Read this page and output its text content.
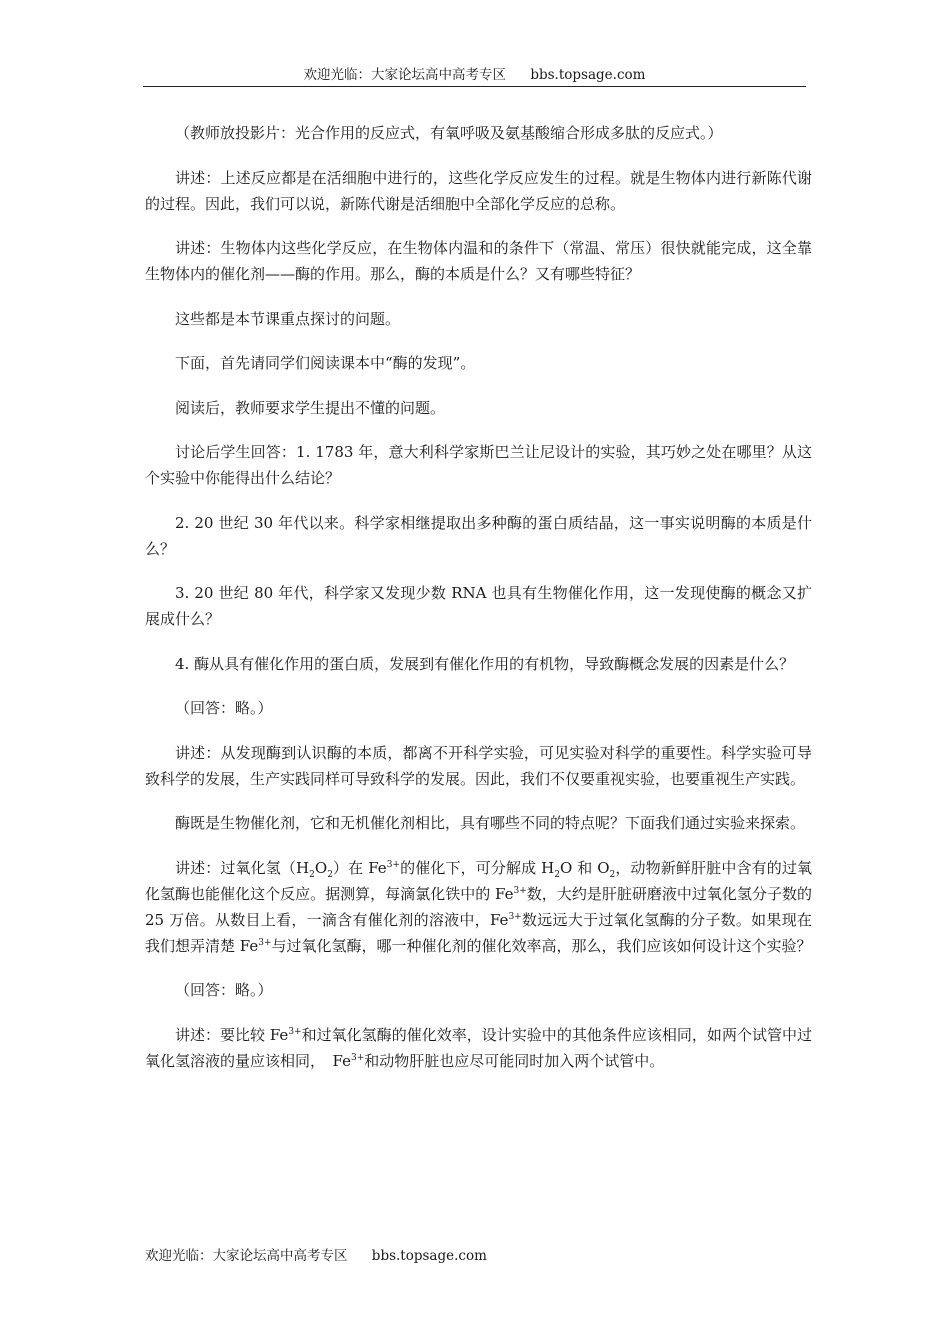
欢迎光临：大家论坛高中高考专区 bbs.topsage.com

（教师放投影片：光合作用的反应式，有氧呼吸及氨基酸缩合形成多肽的反应式。）

讲述：上述反应都是在活细胞中进行的，这些化学反应发生的过程。就是生物体内进行新陈代谢的过程。因此，我们可以说，新陈代谢是活细胞中全部化学反应的总称。

讲述：生物体内这些化学反应，在生物体内温和的条件下（常温、常压）很快就能完成，这全靠生物体内的催化剂——酶的作用。那么，酶的本质是什么？又有哪些特征？

这些都是本节课重点探讨的问题。

下面，首先请同学们阅读课本中“酶的发现”。

阅读后，教师要求学生提出不懂的问题。

讨论后学生回答：1. 1783 年，意大利科学家斯巴兰让尼设计的实验，其巧妙之处在哪里？从这个实验中你能得出什么结论？

2. 20 世纪 30 年代以来。科学家相继提取出多种酶的蛋白质结晶，这一事实说明酶的本质是什么？

3. 20 世纪 80 年代，科学家又发现少数 RNA 也具有生物催化作用，这一发现使酶的概念又扩展成什么？

4. 酶从具有催化作用的蛋白质，发展到有催化作用的有机物，导致酶概念发展的因素是什么？

（回答：略。）

讲述：从发现酶到认识酶的本质，都离不开科学实验，可见实验对科学的重要性。科学实验可导致科学的发展，生产实践同样可导致科学的发展。因此，我们不仅要重视实验，也要重视生产实践。

酶既是生物催化剂，它和无机催化剂相比，具有哪些不同的特点呢？下面我们通过实验来探索。

讲述：过氧化氢$(H_2O_2)$在 $Fe^{3+}$的催化下，可分解成 $H_2O$ 和 $O_2$，动物新鲜肝脏中含有的过氧化氢酶也能催化这个反应。据测算，每滴氯化铁中的 $Fe^{3+}$数，大约是肝脏研磨液中过氧化氢分子数的 25 万倍。从数目上看，一滴含有催化剂的溶液中，$Fe^{3+}$数远远大于过氧化氢酶的分子数。如果现在我们想弄清楚 $Fe^{3+}$与过氧化氢酶，哪一种催化剂的催化效率高，那么，我们应该如何设计这个实验？

（回答：略。）

讲述：要比较 $Fe^{3+}$和过氧化氢酶的催化效率，设计实验中的其他条件应该相同，如两个试管中过氧化氢溶液的量应该相同，　$Fe^{3+}$和动物肝脏也应尽可能同时加入两个试管中。

欢迎光临：大家论坛高中高考专区 bbs.topsage.com
